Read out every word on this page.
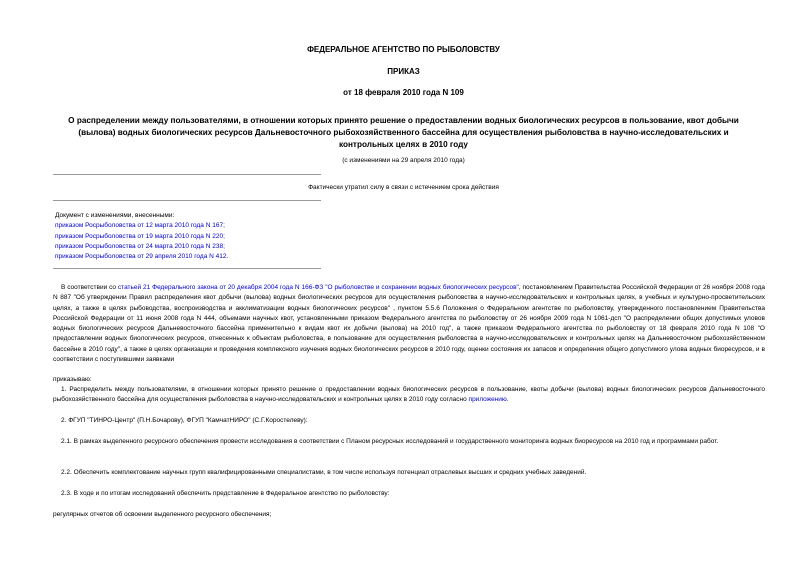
ФЕДЕРАЛЬНОЕ АГЕНТСТВО ПО РЫБОЛОВСТВУ
ПРИКАЗ
от 18 февраля 2010 года N 109
О распределении между пользователями, в отношении которых принято решение о предоставлении водных биологических ресурсов в пользование, квот добычи (вылова) водных биологических ресурсов Дальневосточного рыбохозяйственного бассейна для осуществления рыболовства в научно-исследовательских и контрольных целях в 2010 году
(с изменениями на 29 апреля 2010 года)
Фактически утратил силу в связи с истечением срока действия
Документ с изменениями, внесенными:
приказом Росрыболовства от 12 марта 2010 года N 167;
приказом Росрыболовства от 19 марта 2010 года N 220;
приказом Росрыболовства от 24 марта 2010 года N 238;
приказом Росрыболовства от 29 апреля 2010 года N 412.
В соответствии со статьей 21 Федерального закона от 20 декабря 2004 года N 166-ФЗ "О рыболовстве и сохранении водных биологических ресурсов", постановлением Правительства Российской Федерации от 26 ноября 2008 года N 887 "Об утверждении Правил распределения квот добычи (вылова) водных биологических ресурсов для осуществления рыболовства в научно-исследовательских и контрольных целях, в учебных и культурно-просветительских целях, а также в целях рыбоводства, воспроизводства и акклиматизации водных биологических ресурсов" , пунктом 5.5.6 Положения о Федеральном агентстве по рыболовству, утвержденного постановлением Правительства Российской Федерации от 11 июня 2008 года N 444, объемами научных квот, установленными приказом Федерального агентства по рыболовству от 26 ноября 2009 года N 1061-дсп "О распределении общих допустимых уловов водных биологических ресурсов Дальневосточного бассейна применительно к видам квот их добычи (вылова) на 2010 год", а также приказом Федерального агентства по рыболовству от 18 февраля 2010 года N 108 "О предоставлении водных биологических ресурсов, отнесенных к объектам рыболовства, в пользование для осуществления рыболовства в научно-исследовательских и контрольных целях на Дальневосточном рыбохозяйственном бассейне в 2010 году", а также в целях организации и проведения комплексного изучения водных биологических ресурсов в 2010 году, оценки состояния их запасов и определения общего допустимого улова водных биоресурсов, и в соответствии с поступившими заявками
приказываю:
1. Распределить между пользователями, в отношении которых принято решение о предоставлении водных биологических ресурсов в пользование, квоты добычи (вылова) водных биологических ресурсов Дальневосточного рыбохозяйственного бассейна для осуществления рыболовства в научно-исследовательских и контрольных целях в 2010 году согласно приложению.
2. ФГУП "ТИНРО-Центр" (П.Н.Бочарову), ФГУП "КамчатНИРО" (С.Г.Коростелеву):
2.1. В рамках выделенного ресурсного обеспечения провести исследования в соответствии с Планом ресурсных исследований и государственного мониторинга водных биоресурсов на 2010 год и программами работ.
2.2. Обеспечить комплектование научных групп квалифицированными специалистами, в том числе используя потенциал отраслевых высших и средних учебных заведений.
2.3. В ходе и по итогам исследований обеспечить представление в Федеральное агентство по рыболовству:
регулярных отчетов об освоении выделенного ресурсного обеспечения;
